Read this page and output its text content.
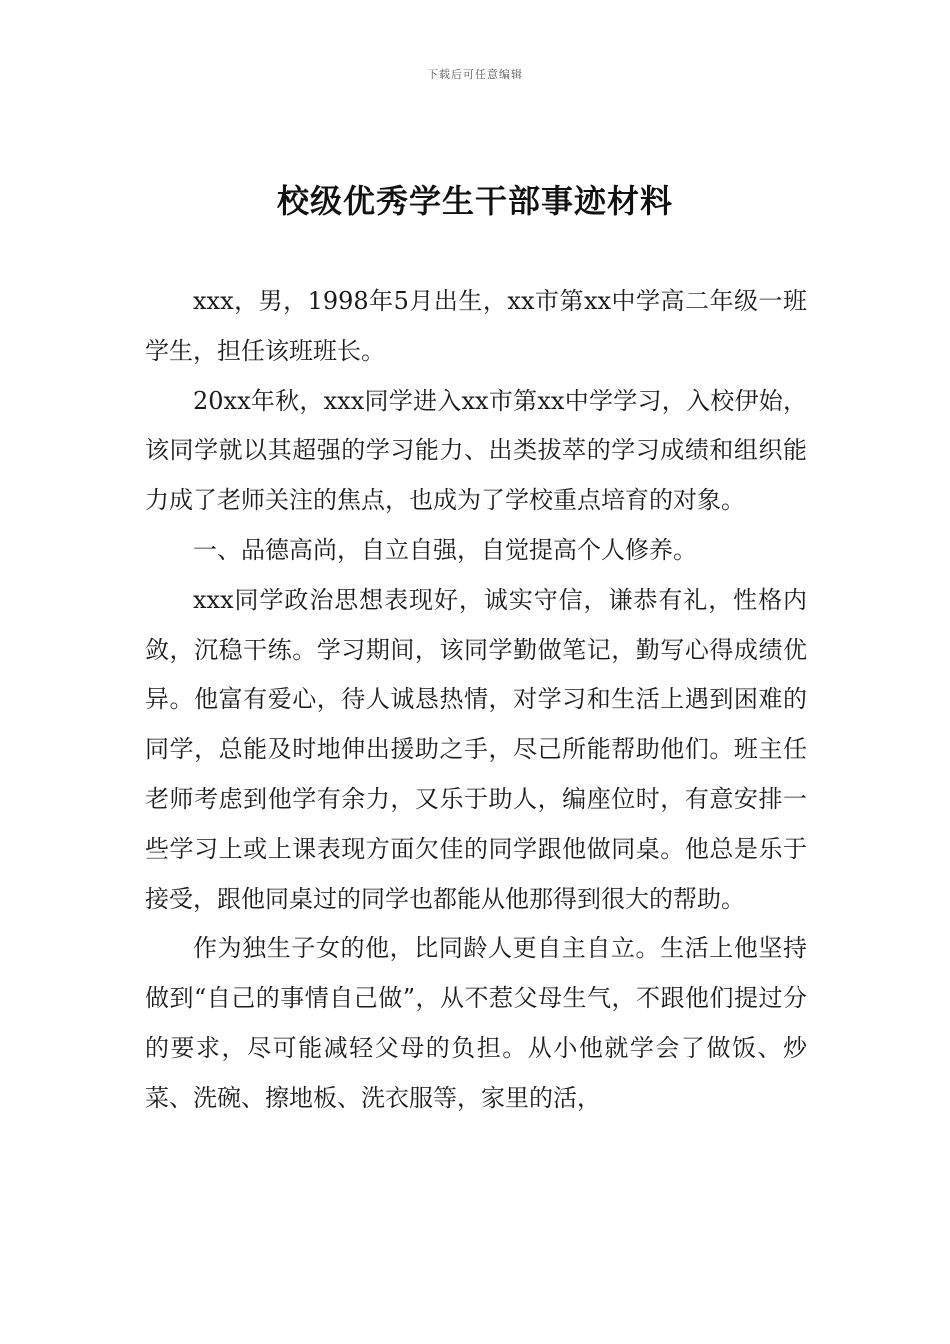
下载后可任意编辑
校级优秀学生干部事迹材料

xxx，男，1998年5月出生，xx市第xx中学高二年级一班学生，担任该班班长。

20xx年秋，xxx同学进入xx市第xx中学学习，入校伊始，该同学就以其超强的学习能力、出类拔萃的学习成绩和组织能力成了老师关注的焦点，也成为了学校重点培育的对象。

一、品德高尚，自立自强，自觉提高个人修养。

xxx同学政治思想表现好，诚实守信，谦恭有礼，性格内敛，沉稳干练。学习期间，该同学勤做笔记，勤写心得成绩优异。他富有爱心，待人诚恳热情，对学习和生活上遇到困难的同学，总能及时地伸出援助之手，尽己所能帮助他们。班主任老师考虑到他学有余力，又乐于助人，编座位时，有意安排一些学习上或上课表现方面欠佳的同学跟他做同桌。他总是乐于接受，跟他同桌过的同学也都能从他那得到很大的帮助。

作为独生子女的他，比同龄人更自主自立。生活上他坚持做到“自己的事情自己做”，从不惹父母生气，不跟他们提过分的要求，尽可能减轻父母的负担。从小他就学会了做饭、炒菜、洗碗、擦地板、洗衣服等，家里的活，
